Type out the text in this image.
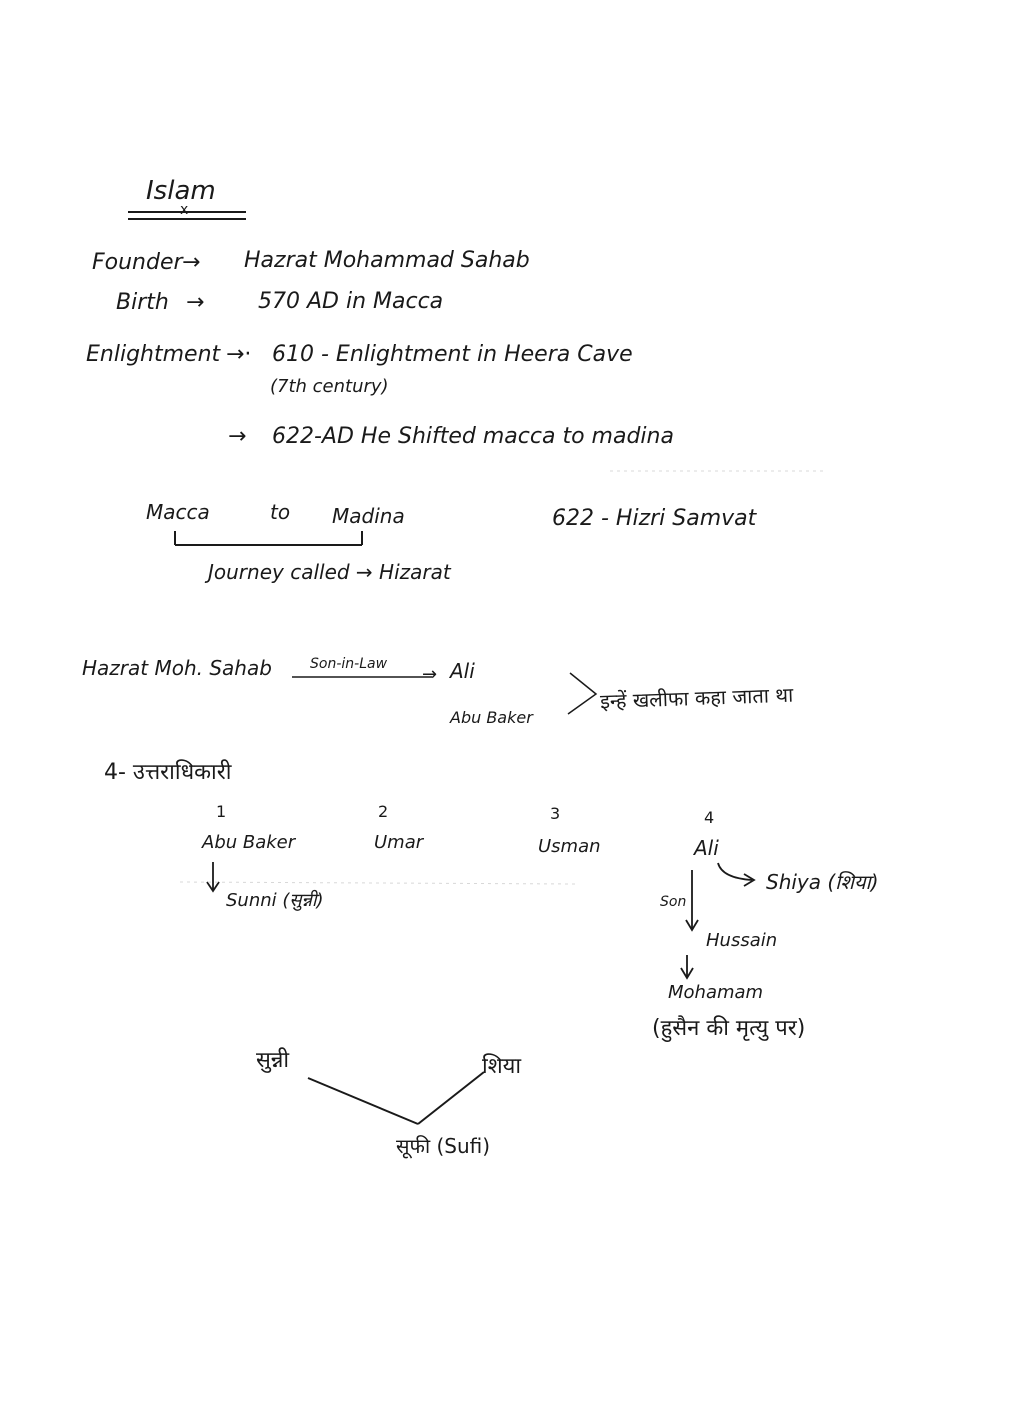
Islam
x
Founder → Hazrat Mohammad Sahab
Birth → 570 AD in Macca
Enlightment →· 610 - Enlightment in Heera Cave
(7th century)
→ 622-AD He Shifted macca to madina
Macca	to Madina	622 - Hizri Samvat
Journey called → Hizarat
Hazrat Moh. Sahab	Son-in-Law → Ali
Abu Baker
इन्हें खलीफा कहा जाता था
4- उत्तराधिकारी
1	2	3	4
Abu Baker	Umar	Usman	Ali
Sunni (सुन्नी)
Shiya (शिया)
Son
Hussain
Mohamam
(हुसैन की मृत्यु पर)
सुन्नी	शिया
सूफी (Sufi)
